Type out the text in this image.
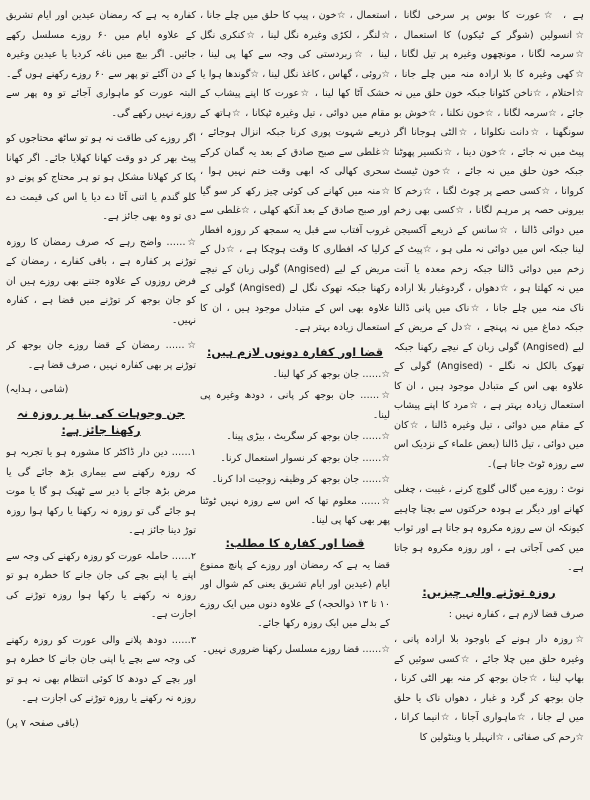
ہے ، ☆عورت کا بوس پر سرخی لگانا ، ☆انسولین (شوگر کے ٹیکوں) کا استعمال ، ☆سرمہ لگانا ، مونچھوں وغیرہ پر تیل لگانا ، ☆کھی وغیرہ کا بلا ارادہ منہ میں چلے جانا ، ☆احتلام ، ☆ناخن کٹوانا جبکہ خون حلق میں نہ جائے ، ☆سرمہ لگانا ، ☆خون نکلنا ، ☆خوش بو سونگھنا ، ☆دانت نکلوانا ، ☆الٹی ہوجانا اگر پیٹ میں نہ جائے ، ☆خون دینا ، ☆نکسیر پھوٹنا جبکہ خون حلق میں نہ جائے ، ☆خون ٹیسٹ کروانا ، ☆کسی حصے پر چوٹ لگنا ، ☆زخم کا بیرونی حصہ پر مرہم لگانا ، ☆کسی بھی زخم میں دوائی ڈالنا ، ☆سانس کے ذریعے آکسیجن لینا جبکہ اس میں دوائی نہ ملی ہو ، ☆پیٹ کے زخم میں دوائی ڈالنا جبکہ زخم معدہ یا آنت میں نہ کھلتا ہو ، ☆دھواں ، گردوغبار بلا ارادہ ناک منہ میں چلے جانا ، ☆ناک میں پانی ڈالنا جبکہ دماغ میں نہ پہنچے ، ☆دل کے مریض کے لیے (Angised) گولی زبان کے نیچے رکھنا جبکہ تھوک بالکل نہ نگلے - (Angised) گولی کے علاوہ بھی اس کے متبادل موجود ہیں ، ان کا استعمال زیادہ بہتر ہے ، ☆مرد کا اپنے پیشاب کے مقام میں دوائی ، تیل وغیرہ ڈالنا ، ☆کان میں دوائی ، تیل ڈالنا (بعض علماء کے نزدیک اس سے روزہ ٹوٹ جاتا ہے)۔

نوٹ : روزے میں گالی گلوچ کرنے ، غیبت ، چغلی کھانے اور دیگر بے ہودہ حرکتوں سے بچنا چاہیے کیونکہ ان سے روزہ مکروہ ہو جاتا ہے اور ثواب میں کمی آجاتی ہے ، اور روزہ مکروہ ہو جاتا ہے۔

روزہ توڑنے والی چیزیں:

صرف قضا لازم ہے ، کفارہ نہیں :

☆روزہ دار ہونے کے باوجود بلا ارادہ پانی ، وغیرہ حلق میں چلا جائے ، ☆کسی سوئیں کے بھاپ لینا ، ☆جان بوجھ کر منہ بھر الٹی کرنا ، جان بوجھ کر گرد و غبار ، دھواں ناک یا حلق میں لے جانا ، ☆ماہواری آجانا ، ☆انیما کرانا ، ☆رحم کی صفائی ، ☆انہیلر یا وینٹولین کا

استعمال ، ☆خون ، پیپ کا حلق میں چلے جانا ، ☆لنگر ، لکڑی وغیرہ نگل لینا ، ☆کنکری نگل لینا ، ☆زبردستی کی وجہ سے کھا پی لینا ، ☆روئی ، گھاس ، کاغذ نگل لینا ، ☆گوندھا ہوا یا خشک آٹا کھا لینا ، ☆عورت کا اپنے پیشاب کے مقام میں دوائی ، تیل وغیرہ ٹپکانا ، ☆ہاتھ کے ذریعے شہوت پوری کرنا جبکہ انزال ہوجائے ، ☆غلطی سے صبح صادق کے بعد یہ گمان کرکے سحری کھالی کہ ابھی وقت ختم نہیں ہوا ، ☆منہ میں کھانے کی کوئی چیز رکھ کر سو گیا اور صبح صادق کے بعد آنکھ کھلی ، ☆غلطی سے غروب آفتاب سے قبل یہ سمجھ کر روزہ افطار کرلیا کہ افطاری کا وقت ہوچکا ہے ، ☆دل کے مریض کے لیے (Angised) گولی زبان کے نیچے رکھنا جبکہ تھوک نگل لے (Angised) گولی کے علاوہ بھی اس کے متبادل موجود ہیں ، ان کا استعمال زیادہ بہتر ہے۔

قضا اور کفارہ دونوں لازم ہیں:

☆…… جان بوجھ کر کھا لینا۔

☆…… جان بوجھ کر پانی ، دودھ وغیرہ پی لینا۔

☆…… جان بوجھ کر سگریٹ ، بیڑی پینا۔

☆…… جان بوجھ کر نسوار استعمال کرنا۔

☆…… جان بوجھ کر وظیفہ زوجیت ادا کرنا۔

☆…… معلوم تھا کہ اس سے روزہ نہیں ٹوٹتا پھر بھی کھا پی لینا۔

قضا اور کفارہ کا مطلب:

قضا یہ ہے کہ رمضان اور روزے کے پانچ ممنوع ایام (عیدین اور ایام تشریق یعنی کم شوال اور ۱۰ تا ۱۳ ذوالحجہ) کے علاوہ دنوں میں ایک روزے کے بدلے میں ایک روزہ رکھا جائے۔

☆…… قضا روزے مسلسل رکھنا ضروری نہیں۔

کفارہ یہ ہے کہ رمضان عیدین اور ایام تشریق کے علاوہ ایام میں ۶۰ روزے مسلسل رکھے جائیں۔ اگر بیچ میں ناغہ کردیا یا عیدین وغیرہ کے دن آگئے تو پھر سے ۶۰ روزے رکھنے ہوں گے۔ البتہ عورت کو ماہواری آجائے تو وہ پھر سے روزے نہیں رکھے گی۔

اگر روزے کی طاقت نہ ہو تو ساٹھ محتاجوں کو پیٹ بھر کر دو وقت کھانا کھلایا جائے۔ اگر کھانا پکا کر کھلانا مشکل ہو تو ہر محتاج کو پونے دو کلو گندم یا اتنی آٹا دے دیا یا اس کی قیمت دے دی تو وہ بھی جائز ہے۔

☆…… واضح رہے کہ صرف رمضان کا روزہ توڑنے پر کفارہ ہے ، باقی کفارے ، رمضان کے فرض روزوں کے علاوہ جتنے بھی روزے ہیں ان کو جان بوجھ کر توڑنے میں قضا ہے ، کفارہ نہیں۔

☆…… رمضان کے قضا روزے جان بوجھ کر توڑنے پر بھی کفارہ نہیں ، صرف قضا ہے۔

(شامی ، ہدایہ)
جن وجوہات کی بنا پر روزہ نہ رکھنا جائز ہے:

۱…… دین دار ڈاکٹر کا مشورہ ہو یا تجربہ ہو کہ روزہ رکھنے سے بیماری بڑھ جائے گی یا مرض بڑھ جائے یا دیر سے ٹھیک ہو گا یا موت ہو جائے گی تو روزہ نہ رکھنا یا رکھا ہوا روزہ توڑ دینا جائز ہے۔

۲…… حاملہ عورت کو روزہ رکھنے کی وجہ سے اپنے یا اپنے بچے کی جان جانے کا خطرہ ہو تو روزہ نہ رکھنے یا رکھا ہوا روزہ توڑنے کی اجازت ہے۔

۳…… دودھ پلانے والی عورت کو روزہ رکھنے کی وجہ سے بچے یا اپنی جان جانے کا خطرہ ہو اور بچے کے دودھ کا کوئی انتظام بھی نہ ہو تو روزہ نہ رکھنے یا روزہ توڑنے کی اجازت ہے۔

(باقی صفحہ ۷ پر)
